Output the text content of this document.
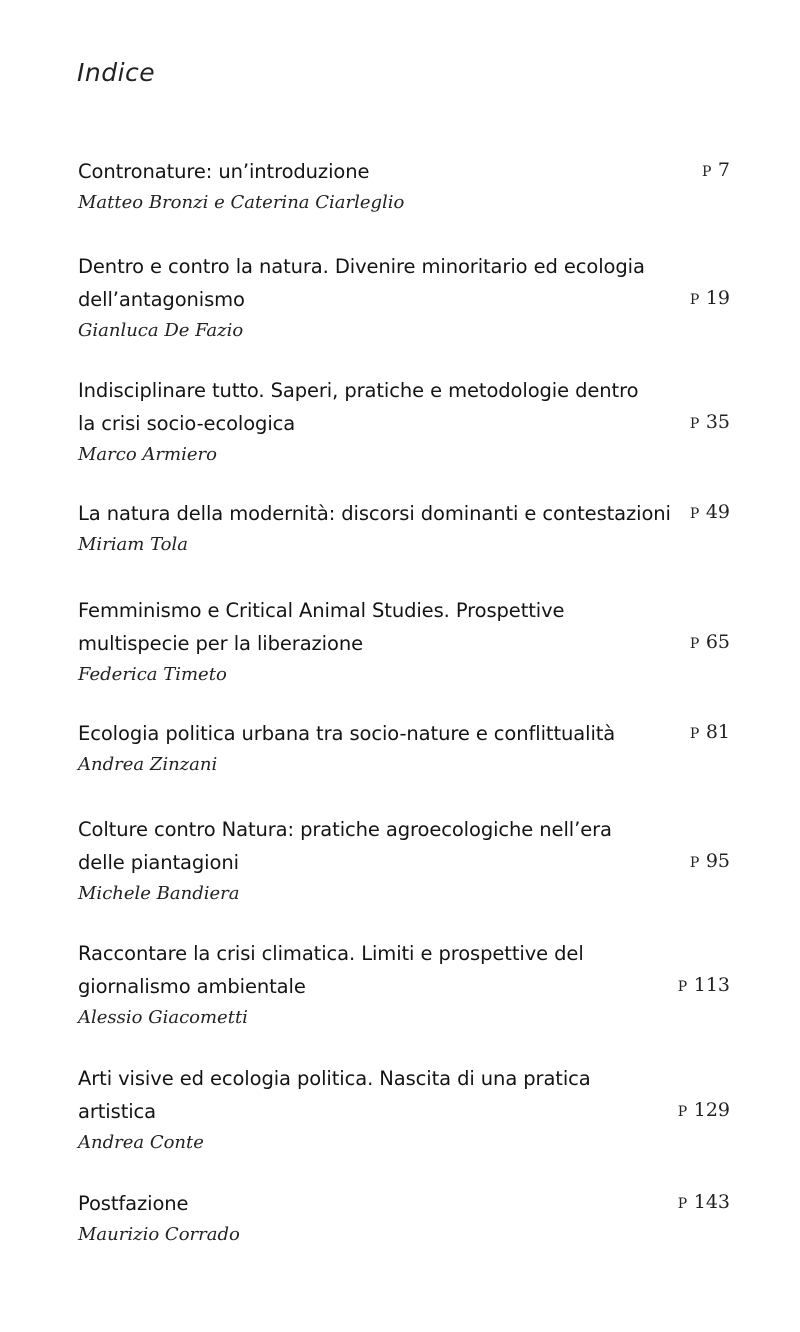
Indice
Contronature: un’introduzione
Matteo Bronzi e Caterina Ciarleglio
P 7
Dentro e contro la natura. Divenire minoritario ed ecologia
dell’antagonismo
Gianluca De Fazio
P 19
Indisciplinare tutto. Saperi, pratiche e metodologie dentro
la crisi socio-ecologica
Marco Armiero
P 35
La natura della modernità: discorsi dominanti e contestazioni
Miriam Tola
P 49
Femminismo e Critical Animal Studies. Prospettive
multispecie per la liberazione
Federica Timeto
P 65
Ecologia politica urbana tra socio-nature e conflittualità
Andrea Zinzani
P 81
Colture contro Natura: pratiche agroecologiche nell’era
delle piantagioni
Michele Bandiera
P 95
Raccontare la crisi climatica. Limiti e prospettive del
giornalismo ambientale
Alessio Giacometti
P 113
Arti visive ed ecologia politica. Nascita di una pratica
artistica
Andrea Conte
P 129
Postfazione
Maurizio Corrado
P 143
